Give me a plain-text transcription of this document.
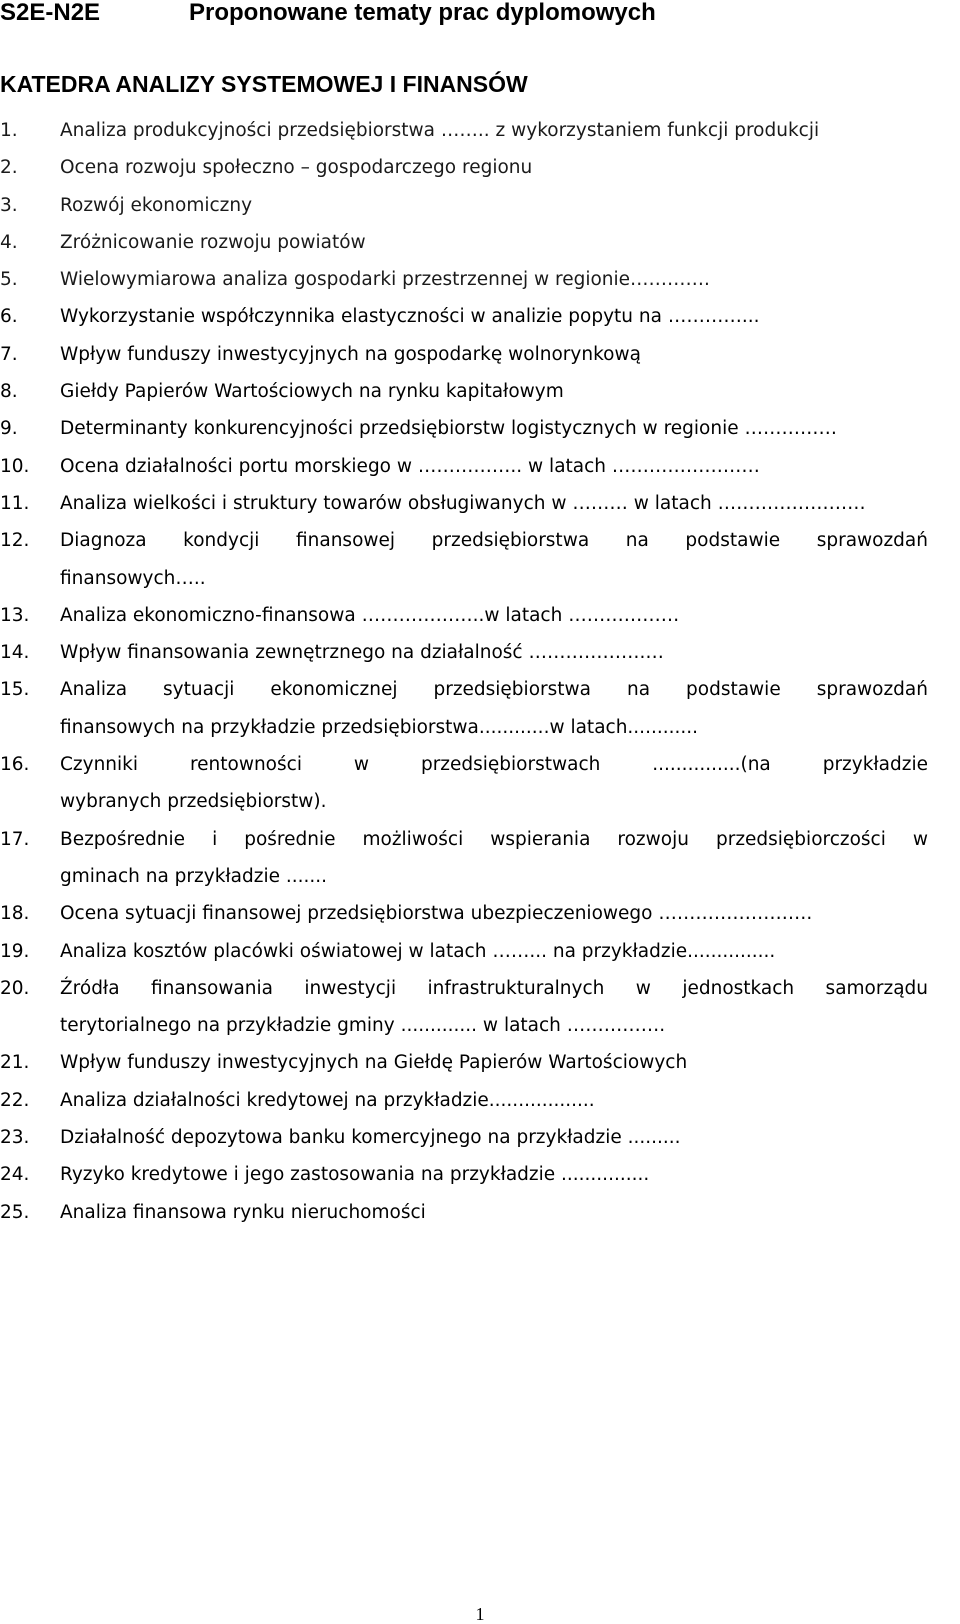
S2E-N2E	Proponowane tematy prac dyplomowych
KATEDRA ANALIZY SYSTEMOWEJ I FINANSÓW
1.	Analiza produkcyjności przedsiębiorstwa …….. z wykorzystaniem funkcji produkcji
2.	Ocena rozwoju społeczno – gospodarczego regionu
3.	Rozwój ekonomiczny
4.	Zróżnicowanie rozwoju powiatów
5.	Wielowymiarowa analiza gospodarki przestrzennej w regionie………….
6.	Wykorzystanie współczynnika elastyczności w analizie popytu na …………...
7.	Wpływ funduszy inwestycyjnych na gospodarkę wolnorynkową
8.	Giełdy Papierów Wartościowych na rynku kapitałowym
9.	Determinanty konkurencyjności przedsiębiorstw logistycznych w regionie ……………
10.	Ocena działalności portu morskiego w …………….. w latach ……………………
11.	Analiza wielkości i struktury towarów obsługiwanych w ……… w latach ……………………
12.	Diagnoza kondycji finansowej przedsiębiorstwa na podstawie sprawozdań
finansowych…..
13.	Analiza ekonomiczno-finansowa ………………..w latach ………………
14.	Wpływ finansowania zewnętrznego na działalność ……………….…
15.	Analiza sytuacji ekonomicznej przedsiębiorstwa na podstawie sprawozdań
finansowych na przykładzie przedsiębiorstwa............w latach............
16.	Czynniki rentowności w przedsiębiorstwach ...............(na przykładzie
wybranych przedsiębiorstw).
17.	Bezpośrednie i pośrednie możliwości wspierania rozwoju przedsiębiorczości w
gminach na przykładzie .......
18.	Ocena sytuacji finansowej przedsiębiorstwa ubezpieczeniowego …………………….
19.	Analiza kosztów placówki oświatowej w latach ……... na przykładzie...............
20.	Źródła finansowania inwestycji infrastrukturalnych w jednostkach samorządu
terytorialnego na przykładzie gminy ............. w latach …………….
21.	Wpływ funduszy inwestycyjnych na Giełdę Papierów Wartościowych
22.	Analiza działalności kredytowej na przykładzie..................
23.	Działalność depozytowa banku komercyjnego na przykładzie .........
24.	Ryzyko kredytowe i jego zastosowania na przykładzie ...............
25.	Analiza finansowa rynku nieruchomości
1
